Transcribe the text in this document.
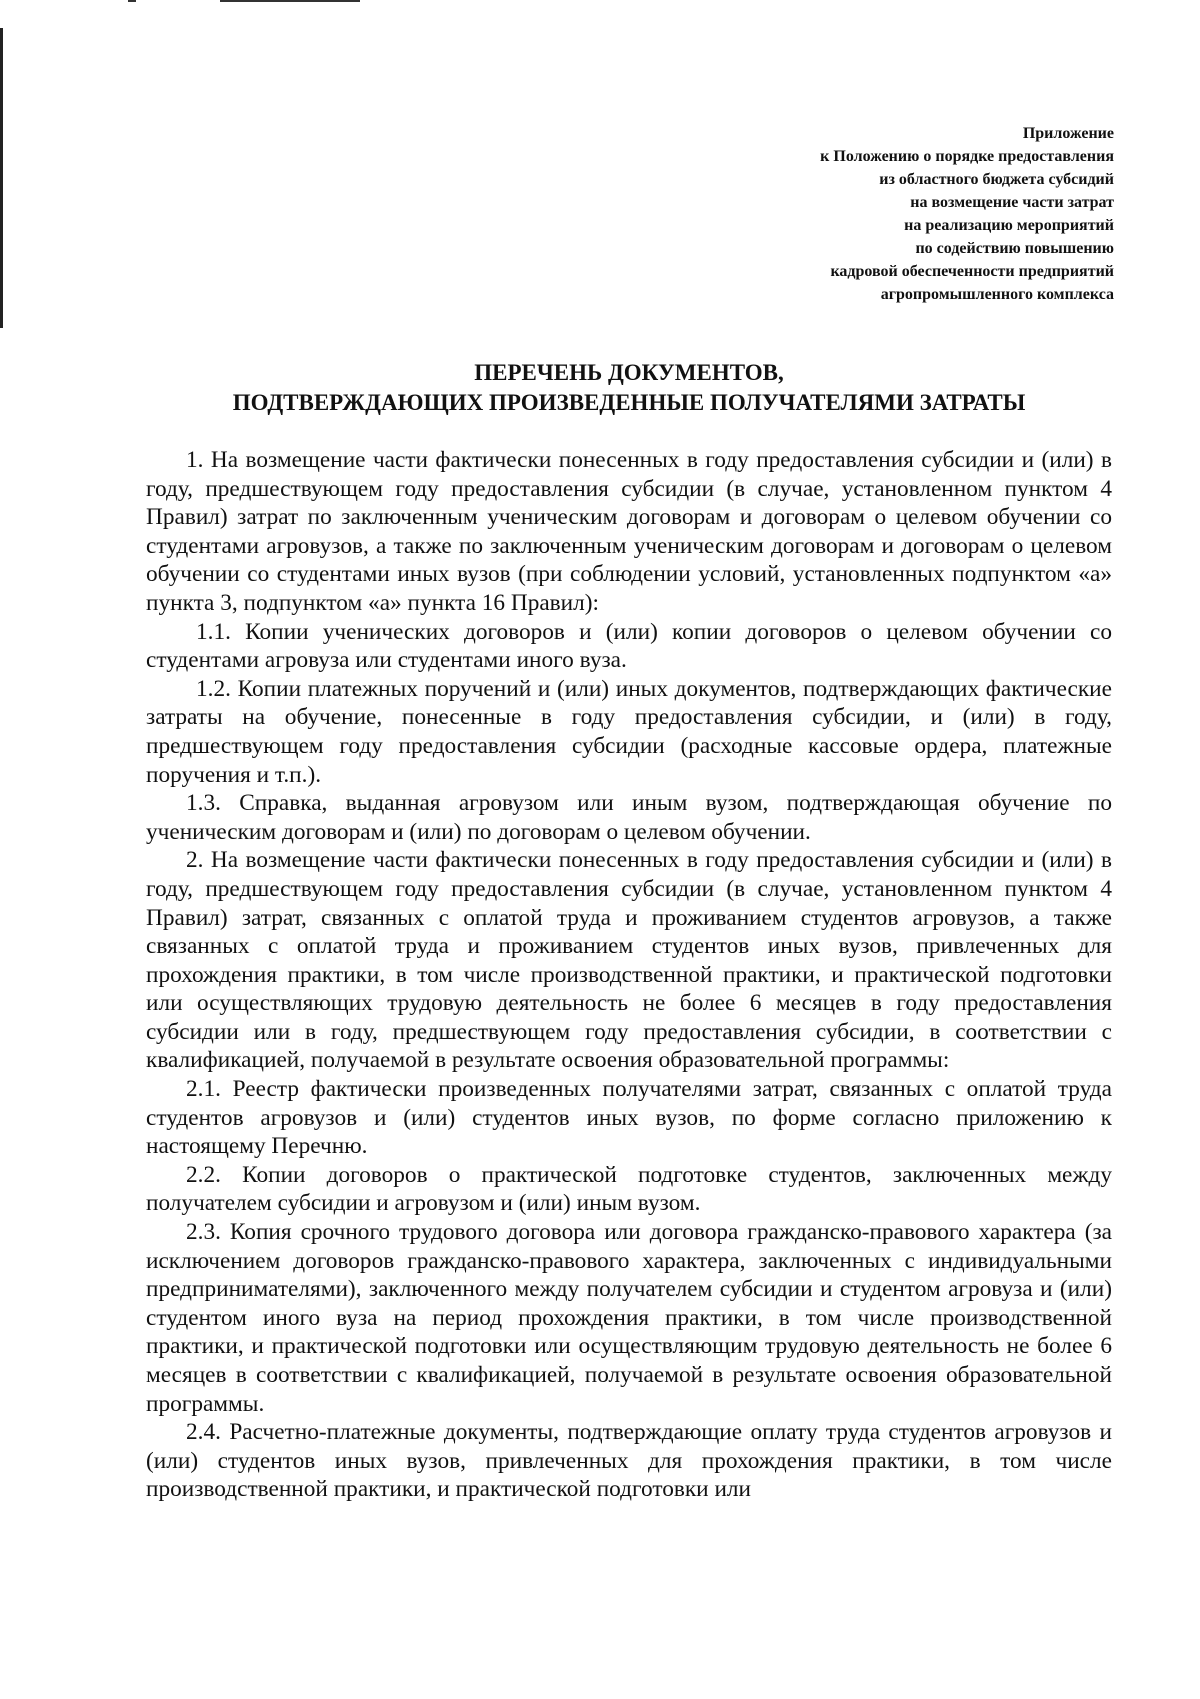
Приложение
к Положению о порядке предоставления
из областного бюджета субсидий
на возмещение части затрат
на реализацию мероприятий
по содействию повышению
кадровой обеспеченности предприятий
агропромышленного комплекса
ПЕРЕЧЕНЬ ДОКУМЕНТОВ,
ПОДТВЕРЖДАЮЩИХ ПРОИЗВЕДЕННЫЕ ПОЛУЧАТЕЛЯМИ ЗАТРАТЫ

1. На возмещение части фактически понесенных в году предоставления субсидии и (или) в году, предшествующем году предоставления субсидии (в случае, установленном пунктом 4 Правил) затрат по заключенным ученическим договорам и договорам о целевом обучении со студентами агровузов, а также по заключенным ученическим договорам и договорам о целевом обучении со студентами иных вузов (при соблюдении условий, установленных подпунктом «а» пункта 3, подпунктом «а» пункта 16 Правил):

1.1. Копии ученических договоров и (или) копии договоров о целевом обучении со студентами агровуза или студентами иного вуза.

1.2. Копии платежных поручений и (или) иных документов, подтверждающих фактические затраты на обучение, понесенные в году предоставления субсидии, и (или) в году, предшествующем году предоставления субсидии (расходные кассовые ордера, платежные поручения и т.п.).

1.3. Справка, выданная агровузом или иным вузом, подтверждающая обучение по ученическим договорам и (или) по договорам о целевом обучении.

2. На возмещение части фактически понесенных в году предоставления субсидии и (или) в году, предшествующем году предоставления субсидии (в случае, установленном пунктом 4 Правил) затрат, связанных с оплатой труда и проживанием студентов агровузов, а также связанных с оплатой труда и проживанием студентов иных вузов, привлеченных для прохождения практики, в том числе производственной практики, и практической подготовки или осуществляющих трудовую деятельность не более 6 месяцев в году предоставления субсидии или в году, предшествующем году предоставления субсидии, в соответствии с квалификацией, получаемой в результате освоения образовательной программы:

2.1. Реестр фактически произведенных получателями затрат, связанных с оплатой труда студентов агровузов и (или) студентов иных вузов, по форме согласно приложению к настоящему Перечню.

2.2. Копии договоров о практической подготовке студентов, заключенных между получателем субсидии и агровузом и (или) иным вузом.

2.3. Копия срочного трудового договора или договора гражданско-правового характера (за исключением договоров гражданско-правового характера, заключенных с индивидуальными предпринимателями), заключенного между получателем субсидии и студентом агровуза и (или) студентом иного вуза на период прохождения практики, в том числе производственной практики, и практической подготовки или осуществляющим трудовую деятельность не более 6 месяцев в соответствии с квалификацией, получаемой в результате освоения образовательной программы.

2.4. Расчетно-платежные документы, подтверждающие оплату труда студентов агровузов и (или) студентов иных вузов, привлеченных для прохождения практики, в том числе производственной практики, и практической подготовки или
